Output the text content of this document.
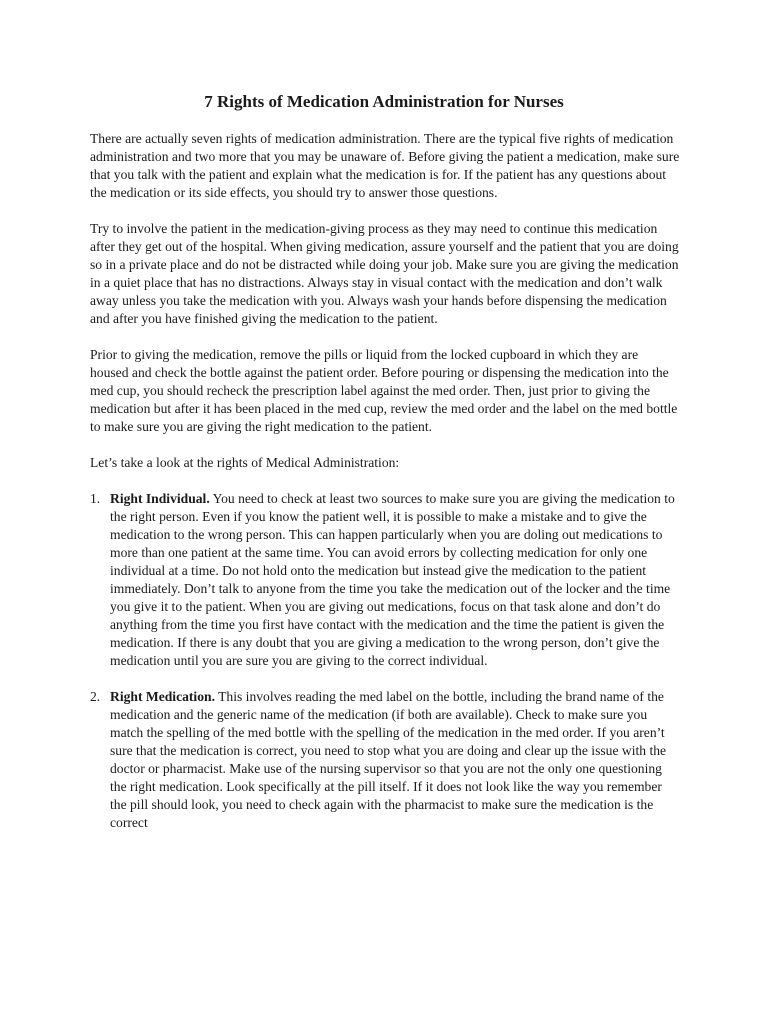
7 Rights of Medication Administration for Nurses

There are actually seven rights of medication administration. There are the typical five rights of medication administration and two more that you may be unaware of. Before giving the patient a medication, make sure that you talk with the patient and explain what the medication is for. If the patient has any questions about the medication or its side effects, you should try to answer those questions.

Try to involve the patient in the medication-giving process as they may need to continue this medication after they get out of the hospital. When giving medication, assure yourself and the patient that you are doing so in a private place and do not be distracted while doing your job. Make sure you are giving the medication in a quiet place that has no distractions. Always stay in visual contact with the medication and don’t walk away unless you take the medication with you. Always wash your hands before dispensing the medication and after you have finished giving the medication to the patient.

Prior to giving the medication, remove the pills or liquid from the locked cupboard in which they are housed and check the bottle against the patient order. Before pouring or dispensing the medication into the med cup, you should recheck the prescription label against the med order. Then, just prior to giving the medication but after it has been placed in the med cup, review the med order and the label on the med bottle to make sure you are giving the right medication to the patient.

Let’s take a look at the rights of Medical Administration:

1. Right Individual. You need to check at least two sources to make sure you are giving the medication to the right person. Even if you know the patient well, it is possible to make a mistake and to give the medication to the wrong person. This can happen particularly when you are doling out medications to more than one patient at the same time. You can avoid errors by collecting medication for only one individual at a time. Do not hold onto the medication but instead give the medication to the patient immediately. Don’t talk to anyone from the time you take the medication out of the locker and the time you give it to the patient. When you are giving out medications, focus on that task alone and don’t do anything from the time you first have contact with the medication and the time the patient is given the medication. If there is any doubt that you are giving a medication to the wrong person, don’t give the medication until you are sure you are giving to the correct individual.
2. Right Medication. This involves reading the med label on the bottle, including the brand name of the medication and the generic name of the medication (if both are available). Check to make sure you match the spelling of the med bottle with the spelling of the medication in the med order. If you aren’t sure that the medication is correct, you need to stop what you are doing and clear up the issue with the doctor or pharmacist. Make use of the nursing supervisor so that you are not the only one questioning the right medication. Look specifically at the pill itself. If it does not look like the way you remember the pill should look, you need to check again with the pharmacist to make sure the medication is the correct
